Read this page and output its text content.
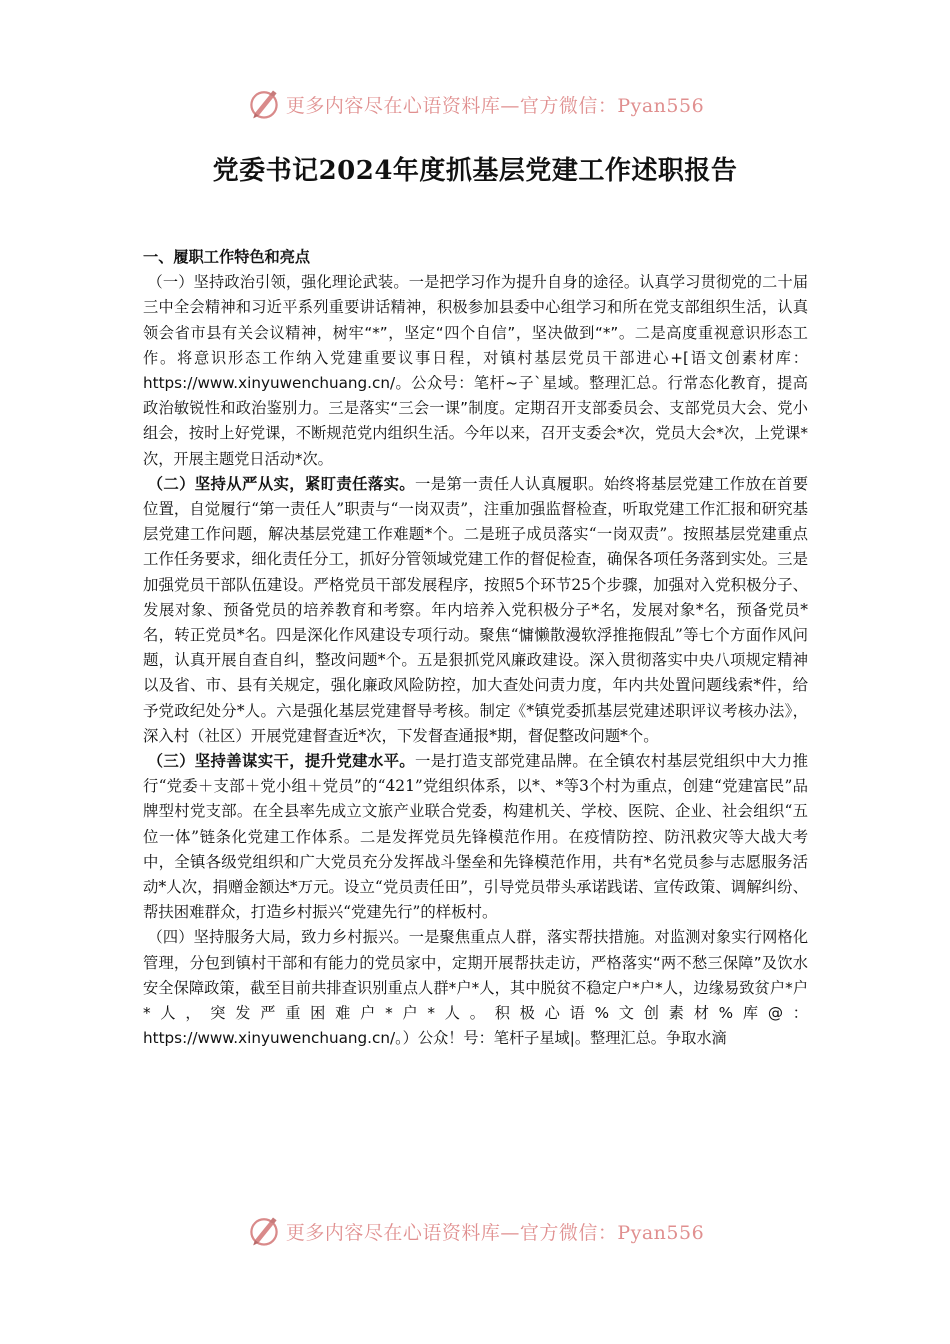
更多内容尽在心语资料库—官方微信：Pyan556
党委书记2024年度抓基层党建工作述职报告

一、履职工作特色和亮点

（一）坚持政治引领，强化理论武装。一是把学习作为提升自身的途径。认真学习贯彻党的二十届三中全会精神和习近平系列重要讲话精神，积极参加县委中心组学习和所在党支部组织生活，认真领会省市县有关会议精神，树牢“*”，坚定“四个自信”，坚决做到“*”。二是高度重视意识形态工作。将意识形态工作纳入党建重要议事日程，对镇村基层党员干部进心+[语文创素材库：https://www.xinyuwenchuang.cn/。公众号：笔杆~子`星域。整理汇总。行常态化教育，提高政治敏锐性和政治鉴别力。三是落实“三会一课”制度。定期召开支部委员会、支部党员大会、党小组会，按时上好党课，不断规范党内组织生活。今年以来，召开支委会*次，党员大会*次，上党课*次，开展主题党日活动*次。

（二）坚持从严从实，紧盯责任落实。一是第一责任人认真履职。始终将基层党建工作放在首要位置，自觉履行“第一责任人”职责与“一岗双责”，注重加强监督检查，听取党建工作汇报和研究基层党建工作问题，解决基层党建工作难题*个。二是班子成员落实“一岗双责”。按照基层党建重点工作任务要求，细化责任分工，抓好分管领域党建工作的督促检查，确保各项任务落到实处。三是加强党员干部队伍建设。严格党员干部发展程序，按照5个环节25个步骤，加强对入党积极分子、发展对象、预备党员的培养教育和考察。年内培养入党积极分子*名，发展对象*名，预备党员*名，转正党员*名。四是深化作风建设专项行动。聚焦“慵懒散漫软浮推拖假乱”等七个方面作风问题，认真开展自查自纠，整改问题*个。五是狠抓党风廉政建设。深入贯彻落实中央八项规定精神以及省、市、县有关规定，强化廉政风险防控，加大查处问责力度，年内共处置问题线索*件，给予党政纪处分*人。六是强化基层党建督导考核。制定《*镇党委抓基层党建述职评议考核办法》，深入村（社区）开展党建督查近*次，下发督查通报*期，督促整改问题*个。

（三）坚持善谋实干，提升党建水平。一是打造支部党建品牌。在全镇农村基层党组织中大力推行“党委＋支部＋党小组＋党员”的“421”党组织体系，以*、*等3个村为重点，创建“党建富民”品牌型村党支部。在全县率先成立文旅产业联合党委，构建机关、学校、医院、企业、社会组织“五位一体”链条化党建工作体系。二是发挥党员先锋模范作用。在疫情防控、防汛救灾等大战大考中，全镇各级党组织和广大党员充分发挥战斗堡垒和先锋模范作用，共有*名党员参与志愿服务活动*人次，捐赠金额达*万元。设立“党员责任田”，引导党员带头承诺践诺、宣传政策、调解纠纷、帮扶困难群众，打造乡村振兴“党建先行”的样板村。

（四）坚持服务大局，致力乡村振兴。一是聚焦重点人群，落实帮扶措施。对监测对象实行网格化管理，分包到镇村干部和有能力的党员家中，定期开展帮扶走访，严格落实“两不愁三保障”及饮水安全保障政策，截至目前共排查识别重点人群*户*人，其中脱贫不稳定户*户*人，边缘易致贫户*户*人，突发严重困难户*户*人。积极心语%文创素材%库@：https://www.xinyuwenchuang.cn/。）公众！号：笔杆子星域|。整理汇总。争取水滴

更多内容尽在心语资料库—官方微信：Pyan556
